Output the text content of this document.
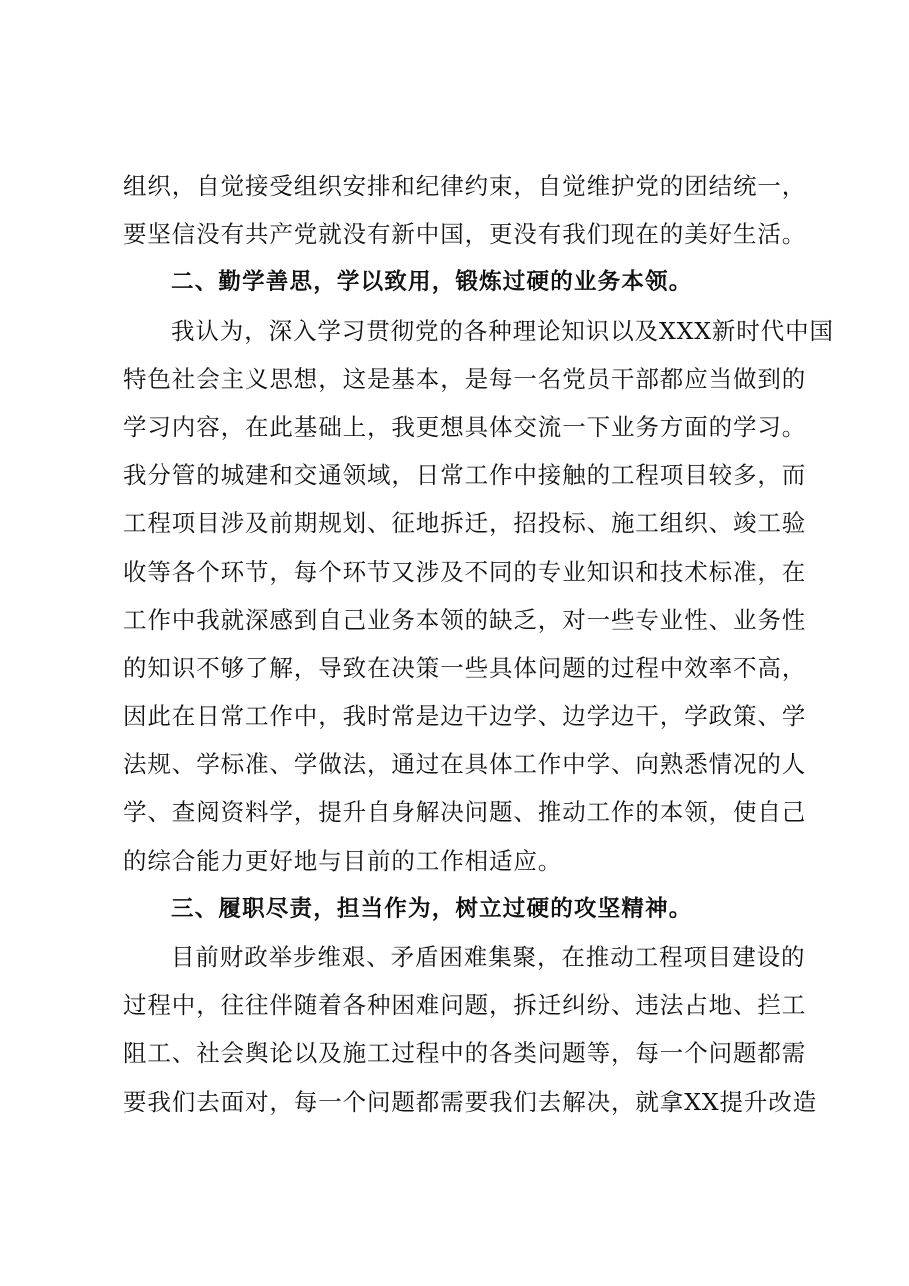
组织，自觉接受组织安排和纪律约束，自觉维护党的团结统一，
要坚信没有共产党就没有新中国，更没有我们现在的美好生活。
二、勤学善思，学以致用，锻炼过硬的业务本领。
我认为，深入学习贯彻党的各种理论知识以及XXX新时代中国
特色社会主义思想，这是基本，是每一名党员干部都应当做到的
学习内容，在此基础上，我更想具体交流一下业务方面的学习。
我分管的城建和交通领域，日常工作中接触的工程项目较多，而
工程项目涉及前期规划、征地拆迁，招投标、施工组织、竣工验
收等各个环节，每个环节又涉及不同的专业知识和技术标准，在
工作中我就深感到自己业务本领的缺乏，对一些专业性、业务性
的知识不够了解，导致在决策一些具体问题的过程中效率不高，
因此在日常工作中，我时常是边干边学、边学边干，学政策、学
法规、学标准、学做法，通过在具体工作中学、向熟悉情况的人
学、查阅资料学，提升自身解决问题、推动工作的本领，使自己
的综合能力更好地与目前的工作相适应。
三、履职尽责，担当作为，树立过硬的攻坚精神。
目前财政举步维艰、矛盾困难集聚，在推动工程项目建设的
过程中，往往伴随着各种困难问题，拆迁纠纷、违法占地、拦工
阻工、社会舆论以及施工过程中的各类问题等，每一个问题都需
要我们去面对，每一个问题都需要我们去解决，就拿XX提升改造
